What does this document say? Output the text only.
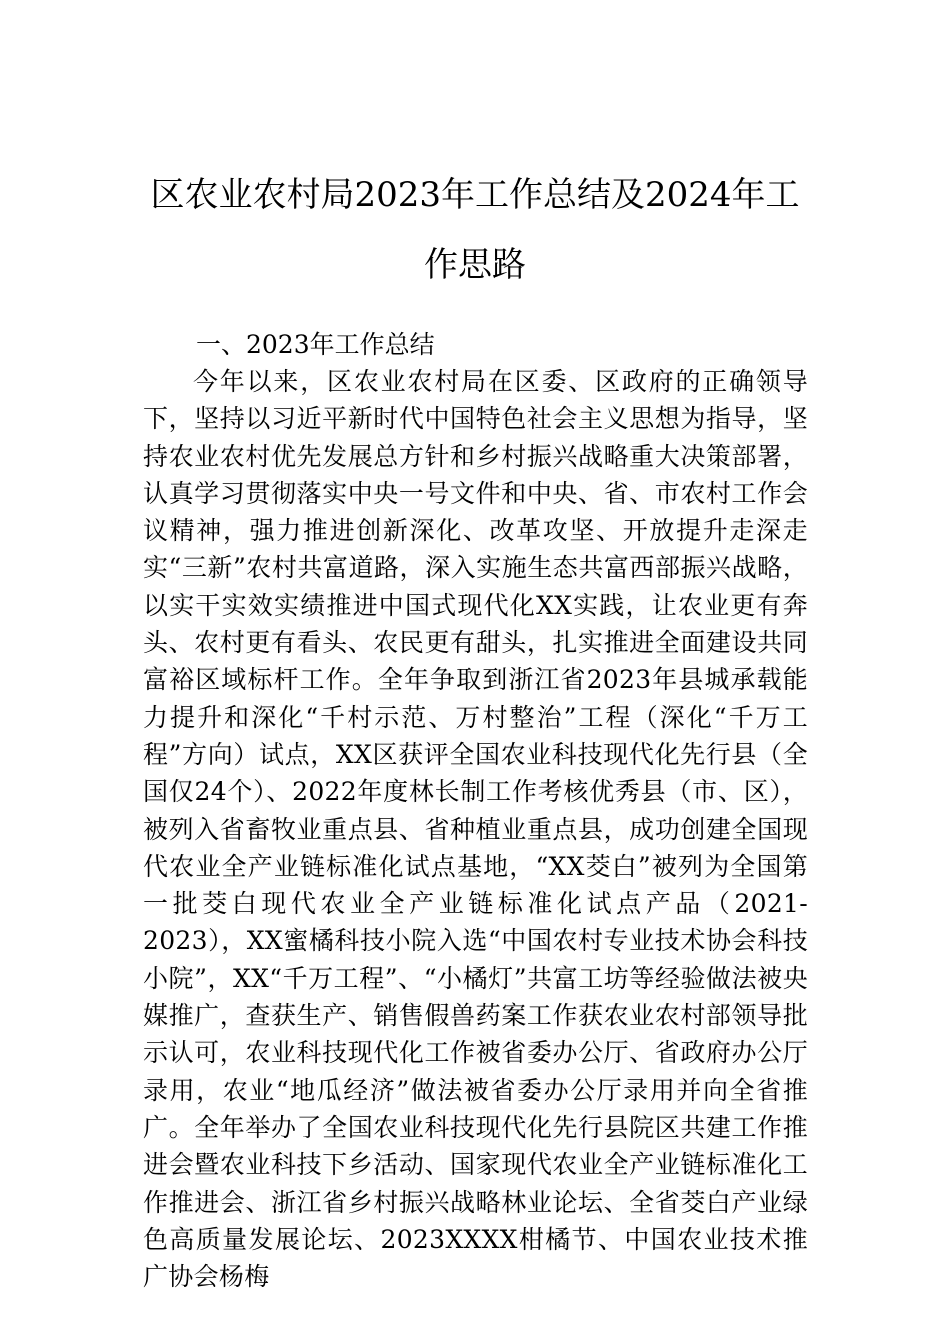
区农业农村局2023年工作总结及2024年工作思路

一、2023年工作总结

今年以来，区农业农村局在区委、区政府的正确领导下，坚持以习近平新时代中国特色社会主义思想为指导，坚持农业农村优先发展总方针和乡村振兴战略重大决策部署，认真学习贯彻落实中央一号文件和中央、省、市农村工作会议精神，强力推进创新深化、改革攻坚、开放提升走深走实“三新”农村共富道路，深入实施生态共富西部振兴战略，以实干实效实绩推进中国式现代化XX实践，让农业更有奔头、农村更有看头、农民更有甜头，扎实推进全面建设共同富裕区域标杆工作。全年争取到浙江省2023年县城承载能力提升和深化“千村示范、万村整治”工程（深化“千万工程”方向）试点，XX区获评全国农业科技现代化先行县（全国仅24个）、2022年度林长制工作考核优秀县（市、区），被列入省畜牧业重点县、省种植业重点县，成功创建全国现代农业全产业链标准化试点基地，“XX茭白”被列为全国第一批茭白现代农业全产业链标准化试点产品（2021-2023），XX蜜橘科技小院入选“中国农村专业技术协会科技小院”，XX“千万工程”、“小橘灯”共富工坊等经验做法被央媒推广，查获生产、销售假兽药案工作获农业农村部领导批示认可，农业科技现代化工作被省委办公厅、省政府办公厅录用，农业“地瓜经济”做法被省委办公厅录用并向全省推广。全年举办了全国农业科技现代化先行县院区共建工作推进会暨农业科技下乡活动、国家现代农业全产业链标准化工作推进会、浙江省乡村振兴战略林业论坛、全省茭白产业绿色高质量发展论坛、2023XXXX柑橘节、中国农业技术推广协会杨梅
